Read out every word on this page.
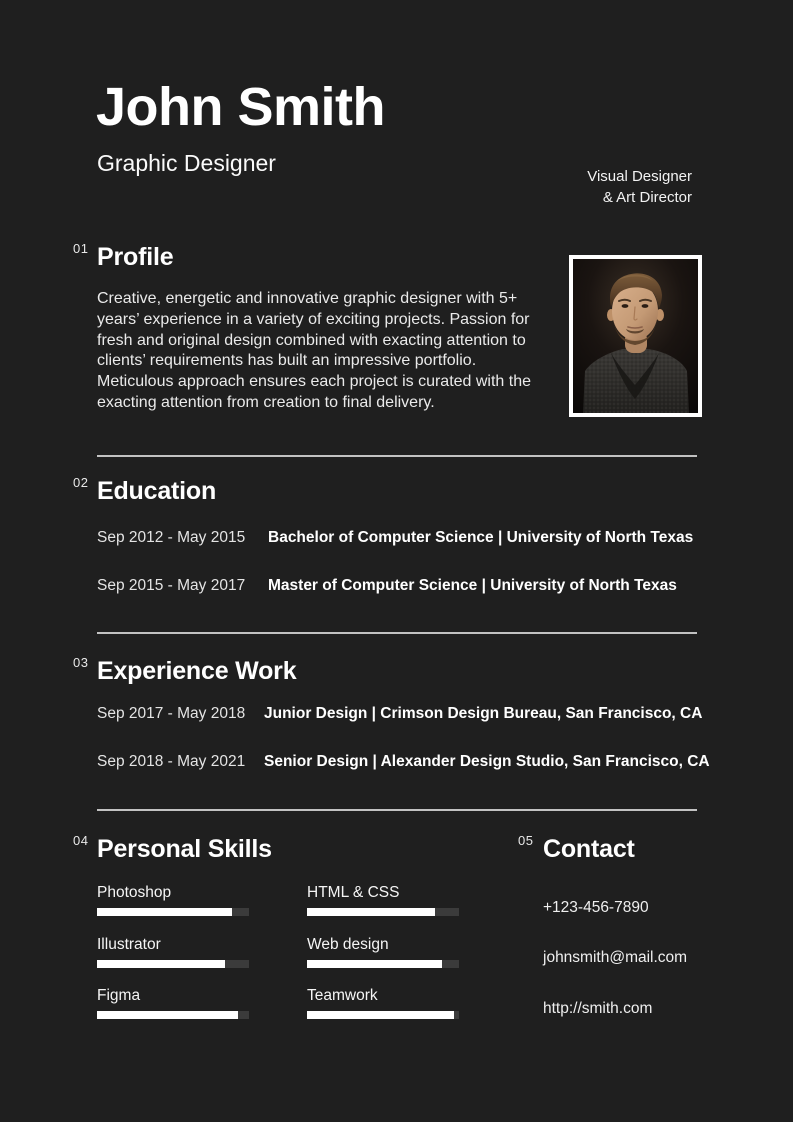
John Smith
Graphic Designer
Visual Designer
& Art Director
01 Profile
Creative, energetic and innovative graphic designer with 5+ years’ experience in a variety of exciting projects. Passion for fresh and original design combined with exacting attention to clients’ requirements has built an impressive portfolio. Meticulous approach ensures each project is curated with the exacting attention from creation to final delivery.
02 Education
Sep 2012 - May 2015 Bachelor of Computer Science | University of North Texas
Sep 2015 - May 2017 Master of Computer Science | University of North Texas
03 Experience Work
Sep 2017 - May 2018 Junior Design | Crimson Design Bureau, San Francisco, CA
Sep 2018 - May 2021 Senior Design | Alexander Design Studio, San Francisco, CA
04 Personal Skills	05 Contact
Photoshop
Illustrator
Figma
HTML & CSS
Web design
Teamwork
+123-456-7890
johnsmith@mail.com
http://smith.com
